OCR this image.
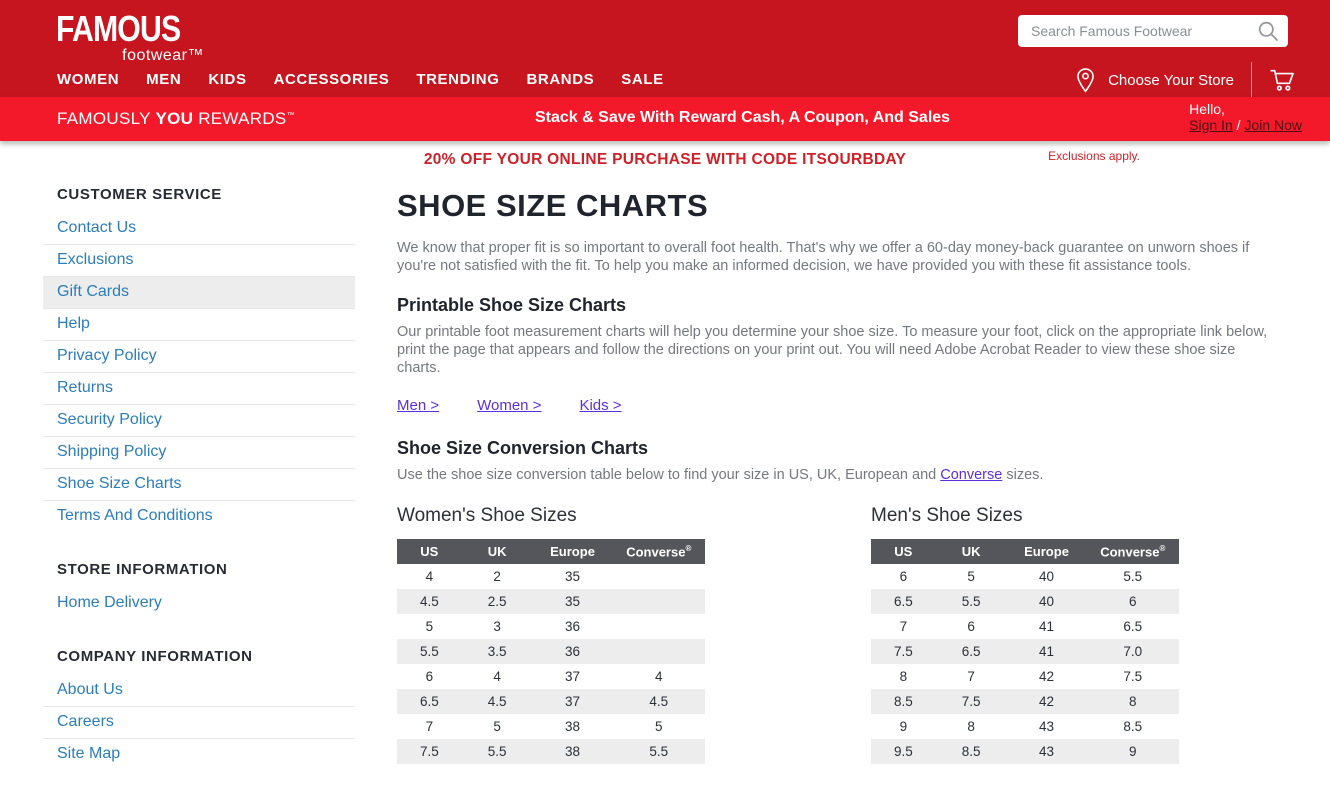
FAMOUS
footwear™
Search Famous Footwear
WOMEN MEN KIDS ACCESSORIES TRENDING BRANDS SALE	Choose Your Store
FAMOUSLY YOU REWARDS™	Stack & Save With Reward Cash, A Coupon, And Sales	Hello,
Sign In / Join Now
20% OFF YOUR ONLINE PURCHASE WITH CODE ITSOURBDAY	Exclusions apply.
CUSTOMER SERVICE
Contact Us
Exclusions
Gift Cards
Help
Privacy Policy
Returns
Security Policy
Shipping Policy
Shoe Size Charts
Terms And Conditions
STORE INFORMATION
Home Delivery
COMPANY INFORMATION
About Us
Careers
Site Map
SHOE SIZE CHARTS

We know that proper fit is so important to overall foot health. That's why we offer a 60-day money-back guarantee on unworn shoes if you're not satisfied with the fit. To help you make an informed decision, we have provided you with these fit assistance tools.

Printable Shoe Size Charts

Our printable foot measurement charts will help you determine your shoe size. To measure your foot, click on the appropriate link below, print the page that appears and follow the directions on your print out. You will need Adobe Acrobat Reader to view these shoe size charts.

Men >	Women >	Kids >
Shoe Size Conversion Charts

Use the shoe size conversion table below to find your size in US, UK, European and Converse sizes.

Women's Shoe Sizes
US	UK	Europe	Converse®
4	2	35	
4.5	2.5	35	
5	3	36	
5.5	3.5	36	
6	4	37	4
6.5	4.5	37	4.5
7	5	38	5
7.5	5.5	38	5.5
Men's Shoe Sizes
US	UK	Europe	Converse®
6	5	40	5.5
6.5	5.5	40	6
7	6	41	6.5
7.5	6.5	41	7.0
8	7	42	7.5
8.5	7.5	42	8
9	8	43	8.5
9.5	8.5	43	9
